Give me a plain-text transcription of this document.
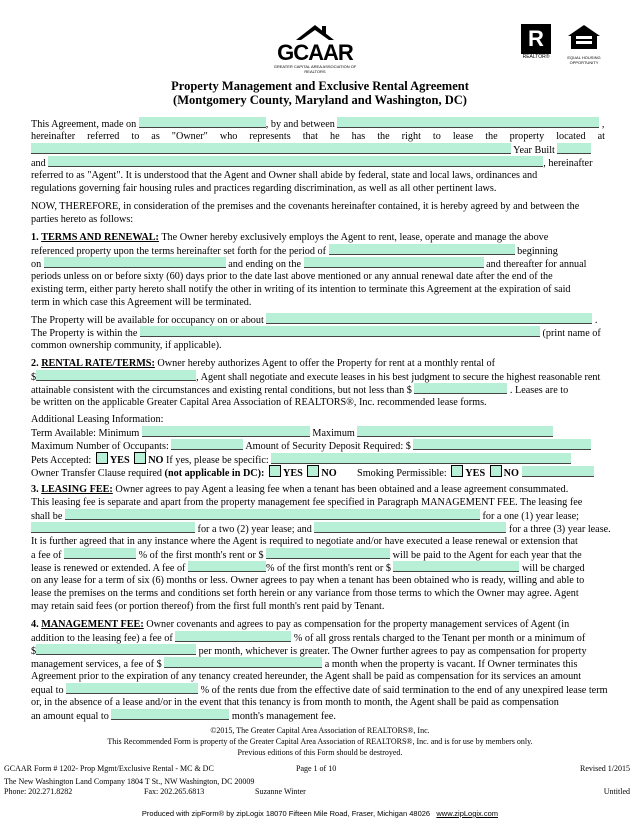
GCAAR
GREATER CAPITAL AREA ASSOCIATION OF REALTORS
R
REALTOR®	EQUAL HOUSING
OPPORTUNITY
Property Management and Exclusive Rental Agreement
(Montgomery County, Maryland and Washington, DC)
This Agreement, made on	, by and between	,
hereinafter referred to as "Owner" who represents that he has the right to lease the property located at
Year Built
and	, hereinafter
referred to as "Agent". It is understood that the Agent and Owner shall abide by federal, state and local laws, ordinances and
regulations governing fair housing rules and practices regarding discrimination, as well as all other pertinent laws.
NOW, THEREFORE, in consideration of the premises and the covenants hereinafter contained, it is hereby agreed by and between the
parties hereto as follows:
1. TERMS AND RENEWAL: The Owner hereby exclusively employs the Agent to rent, lease, operate and manage the above
referenced property upon the terms hereinafter set forth for the period of	beginning
on	and ending on the	and thereafter for annual
periods unless on or before sixty (60) days prior to the date last above mentioned or any annual renewal date after the end of the
existing term, either party hereto shall notify the other in writing of its intention to terminate this Agreement at the expiration of said
term in which case this Agreement will be terminated.
The Property will be available for occupancy on or about	.
The Property is within the	(print name of
common ownership community, if applicable).
2. RENTAL RATE/TERMS: Owner hereby authorizes Agent to offer the Property for rent at a monthly rental of
$	, Agent shall negotiate and execute leases in his best judgment to secure the highest reasonable rent
attainable consistent with the circumstances and existing rental conditions, but not less than $	. Leases are to
be written on the applicable Greater Capital Area Association of REALTORS®, Inc. recommended lease forms.
Additional Leasing Information:
Term Available: Minimum	Maximum
Maximum Number of Occupants:	Amount of Security Deposit Required: $
Pets Accepted: YES NO If yes, please be specific:
Owner Transfer Clause required (not applicable in DC): YES NO Smoking Permissible: YES NO
3. LEASING FEE: Owner agrees to pay Agent a leasing fee when a tenant has been obtained and a lease agreement consummated.
This leasing fee is separate and apart from the property management fee specified in Paragraph MANAGEMENT FEE. The leasing fee
shall be	for a one (1) year lease;
for a two (2) year lease; and	for a three (3) year lease.
It is further agreed that in any instance where the Agent is required to negotiate and/or have executed a lease renewal or extension that
a fee of	% of the first month's rent or $	will be paid to the Agent for each year that the
lease is renewed or extended. A fee of	% of the first month's rent or $	will be charged
on any lease for a term of six (6) months or less. Owner agrees to pay when a tenant has been obtained who is ready, willing and able to
lease the premises on the terms and conditions set forth herein or any variance from those terms to which the Owner may agree. Agent
may retain said fees (or portion thereof) from the first full month's rent paid by Tenant.
4. MANAGEMENT FEE: Owner covenants and agrees to pay as compensation for the property management services of Agent (in
addition to the leasing fee) a fee of	% of all gross rentals charged to the Tenant per month or a minimum of
$	per month, whichever is greater. The Owner further agrees to pay as compensation for property
management services, a fee of $	a month when the property is vacant. If Owner terminates this
Agreement prior to the expiration of any tenancy created hereunder, the Agent shall be paid as compensation for its services an amount
equal to	% of the rents due from the effective date of said termination to the end of any unexpired lease term
or, in the absence of a lease and/or in the event that this tenancy is from month to month, the Agent shall be paid as compensation
an amount equal to	month's management fee.
©2015, The Greater Capital Area Association of REALTORS®, Inc.
This Recommended Form is property of the Greater Capital Area Association of REALTORS®, Inc. and is for use by members only.
Previous editions of this Form should be destroyed.
GCAAR Form # 1202- Prop Mgmt/Exclusive Rental - MC & DC	Page 1 of 10	Revised 1/2015
The New Washington Land Company 1804 T St., NW Washington, DC 20009
Phone: 202.271.8282	Fax: 202.265.6813	Suzanne Winter	Untitled
Produced with zipForm® by zipLogix 18070 Fifteen Mile Road, Fraser, Michigan 48026 www.zipLogix.com
